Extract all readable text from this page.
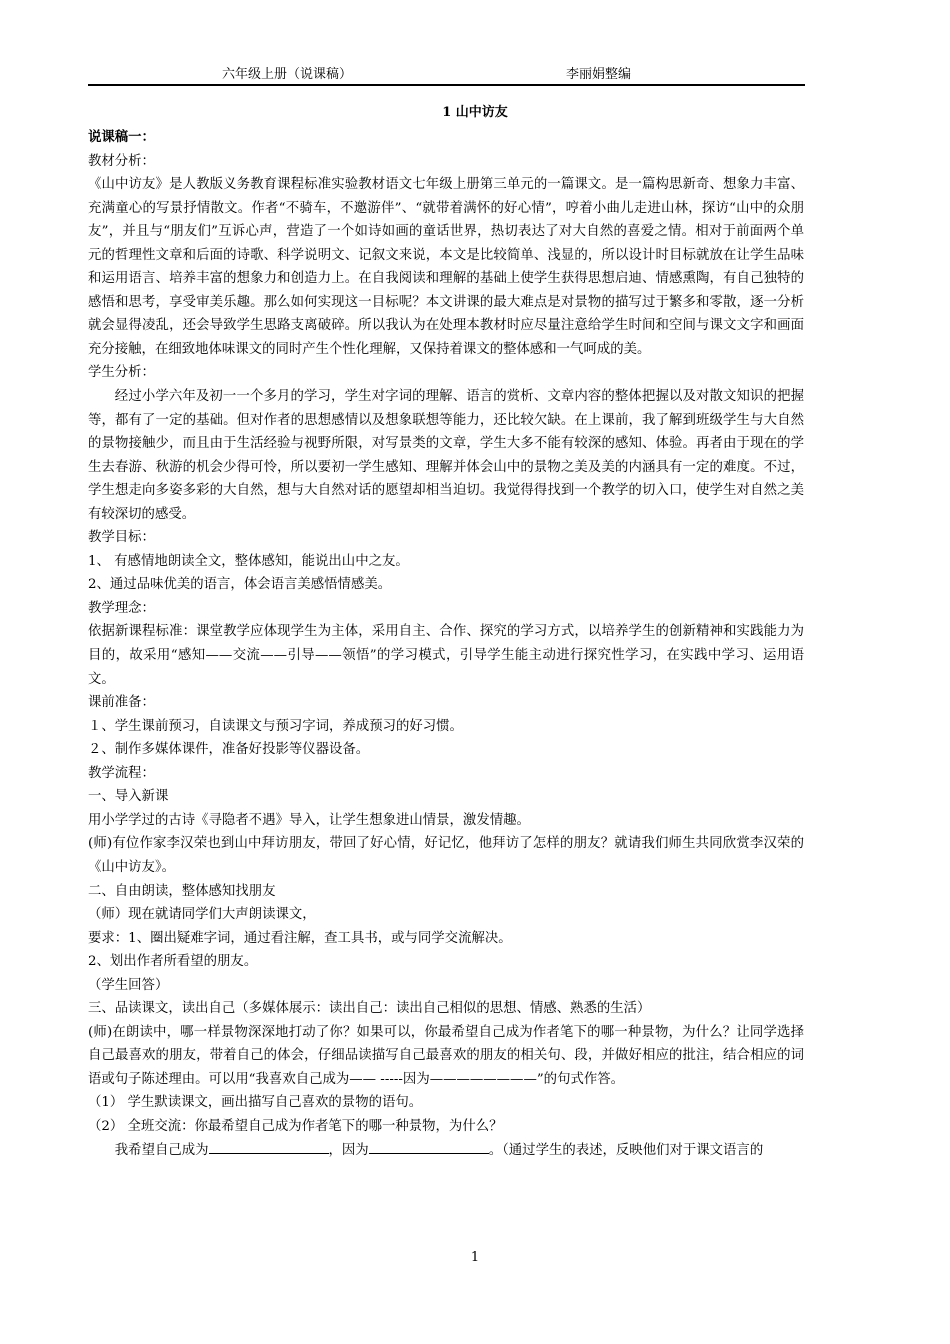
六年级上册（说课稿）	李丽娟整编
1 山中访友

说课稿一：

教材分析：

《山中访友》是人教版义务教育课程标准实验教材语文七年级上册第三单元的一篇课文。是一篇构思新奇、想象力丰富、充满童心的写景抒情散文。作者“不骑车，不邀游伴”、“就带着满怀的好心情”，哼着小曲儿走进山林，探访“山中的众朋友”，并且与“朋友们”互诉心声，营造了一个如诗如画的童话世界，热切表达了对大自然的喜爱之情。相对于前面两个单元的哲理性文章和后面的诗歌、科学说明文、记叙文来说，本文是比较简单、浅显的，所以设计时目标就放在让学生品味和运用语言、培养丰富的想象力和创造力上。在自我阅读和理解的基础上使学生获得思想启迪、情感熏陶，有自己独特的感悟和思考，享受审美乐趣。那么如何实现这一目标呢？本文讲课的最大难点是对景物的描写过于繁多和零散，逐一分析就会显得凌乱，还会导致学生思路支离破碎。所以我认为在处理本教材时应尽量注意给学生时间和空间与课文文字和画面充分接触，在细致地体味课文的同时产生个性化理解，又保持着课文的整体感和一气呵成的美。

学生分析：

经过小学六年及初一一个多月的学习，学生对字词的理解、语言的赏析、文章内容的整体把握以及对散文知识的把握等，都有了一定的基础。但对作者的思想感情以及想象联想等能力，还比较欠缺。在上课前，我了解到班级学生与大自然的景物接触少，而且由于生活经验与视野所限，对写景类的文章，学生大多不能有较深的感知、体验。再者由于现在的学生去春游、秋游的机会少得可怜，所以要初一学生感知、理解并体会山中的景物之美及美的内涵具有一定的难度。不过，学生想走向多姿多彩的大自然，想与大自然对话的愿望却相当迫切。我觉得得找到一个教学的切入口，使学生对自然之美有较深切的感受。

教学目标：

1、 有感情地朗读全文，整体感知，能说出山中之友。

2、通过品味优美的语言，体会语言美感悟情感美。

教学理念：

依据新课程标准：课堂教学应体现学生为主体，采用自主、合作、探究的学习方式，以培养学生的创新精神和实践能力为目的，故采用“感知——交流——引导——领悟”的学习模式，引导学生能主动进行探究性学习，在实践中学习、运用语文。

课前准备：

１、学生课前预习，自读课文与预习字词，养成预习的好习惯。

２、制作多媒体课件，准备好投影等仪器设备。

教学流程：

一、导入新课

用小学学过的古诗《寻隐者不遇》导入，让学生想象进山情景，激发情趣。

(师)有位作家李汉荣也到山中拜访朋友，带回了好心情，好记忆，他拜访了怎样的朋友？就请我们师生共同欣赏李汉荣的《山中访友》。

二、自由朗读，整体感知找朋友

（师）现在就请同学们大声朗读课文，

要求：1、圈出疑难字词，通过看注解，查工具书，或与同学交流解决。

2、划出作者所看望的朋友。

（学生回答）

三、品读课文，读出自己（多媒体展示：读出自己：读出自己相似的思想、情感、熟悉的生活）

(师)在朗读中，哪一样景物深深地打动了你？如果可以，你最希望自己成为作者笔下的哪一种景物，为什么？让同学选择自己最喜欢的朋友，带着自己的体会，仔细品读描写自己最喜欢的朋友的相关句、段，并做好相应的批注，结合相应的词语或句子陈述理由。可以用“我喜欢自己成为—— -----因为————————”的句式作答。

（1） 学生默读课文，画出描写自己喜欢的景物的语句。

（2） 全班交流：你最希望自己成为作者笔下的哪一种景物，为什么？

我希望自己成为	，因为	。（通过学生的表述，反映他们对于课文语言的

1
